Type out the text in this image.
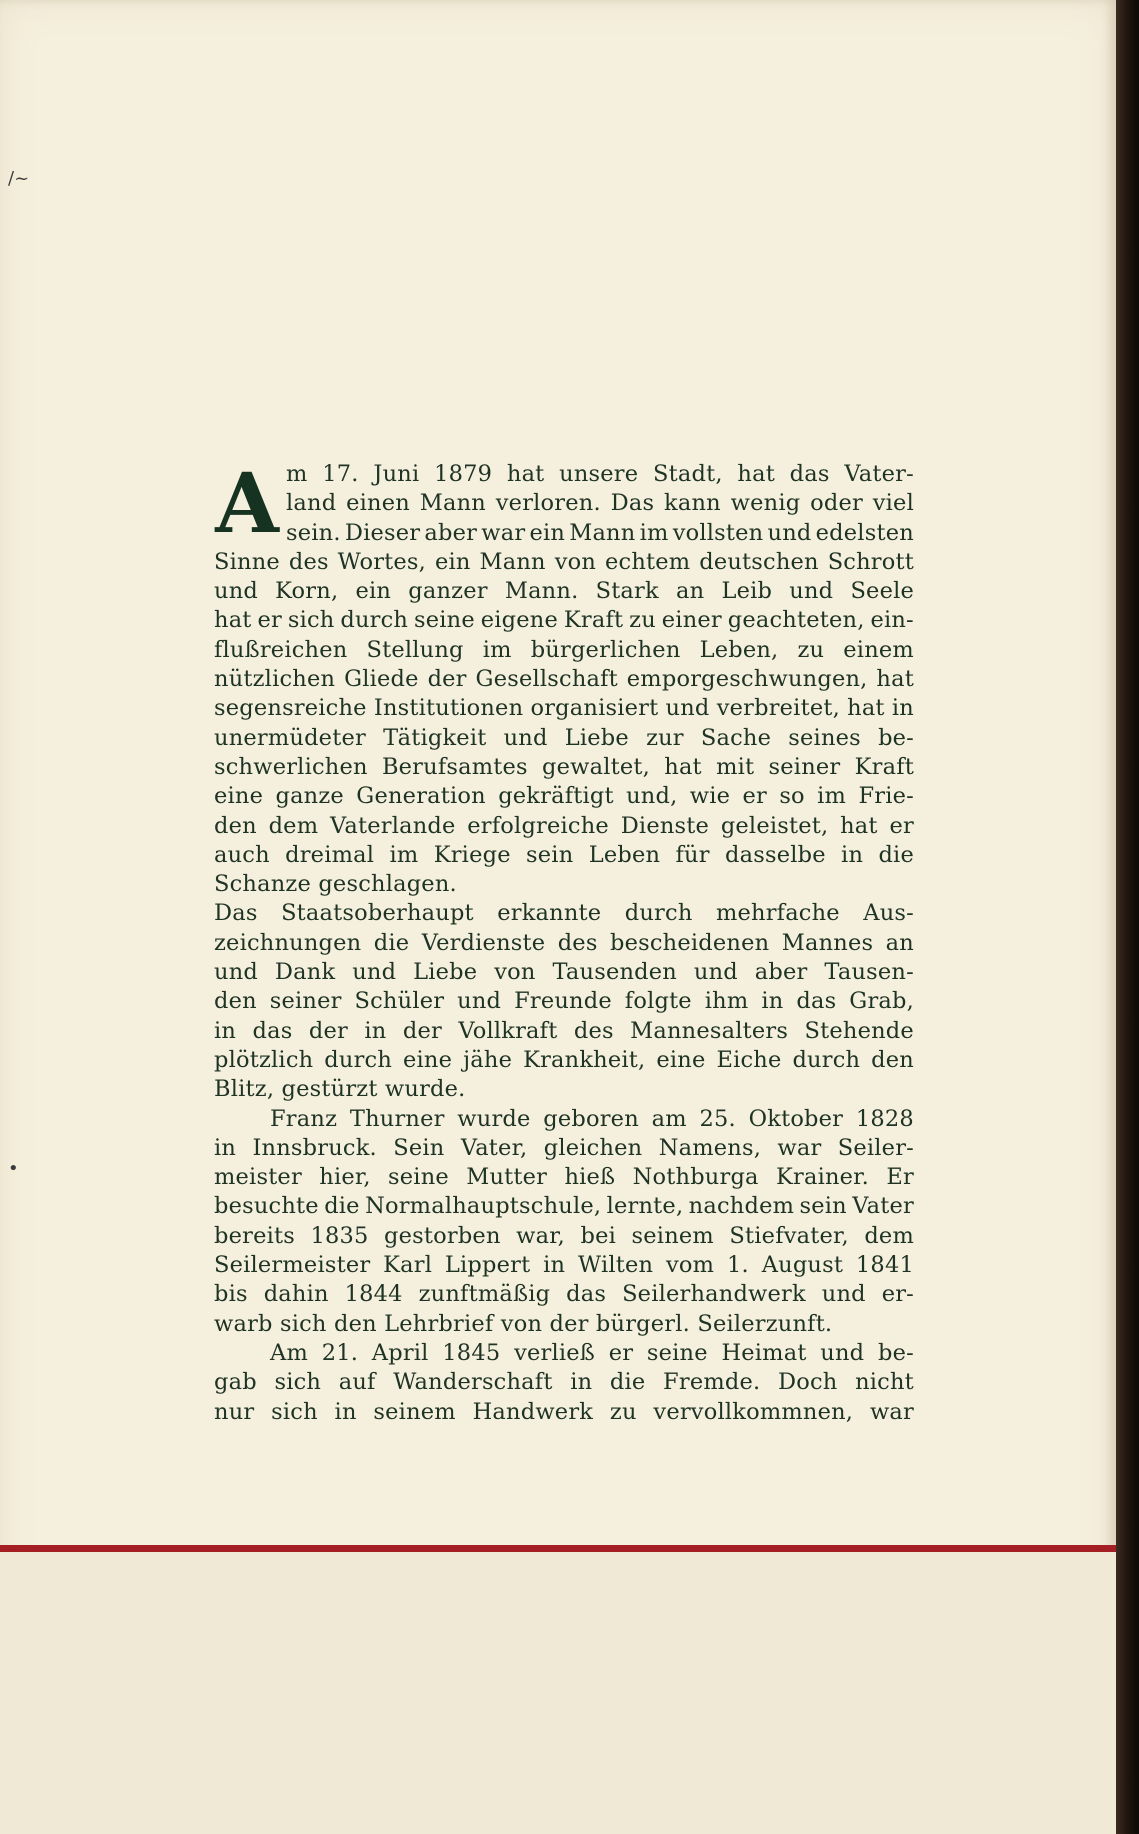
/~
•
A m 17. Juni 1879 hat unsere Stadt, hat das Vater-
land einen Mann verloren. Das kann wenig oder viel
sein. Dieser aber war ein Mann im vollsten und edelsten
Sinne des Wortes, ein Mann von echtem deutschen Schrott
und Korn, ein ganzer Mann. Stark an Leib und Seele
hat er sich durch seine eigene Kraft zu einer geachteten, ein-
flußreichen Stellung im bürgerlichen Leben, zu einem
nützlichen Gliede der Gesellschaft emporgeschwungen, hat
segensreiche Institutionen organisiert und verbreitet, hat in
unermüdeter Tätigkeit und Liebe zur Sache seines be-
schwerlichen Berufsamtes gewaltet, hat mit seiner Kraft
eine ganze Generation gekräftigt und, wie er so im Frie-
den dem Vaterlande erfolgreiche Dienste geleistet, hat er
auch dreimal im Kriege sein Leben für dasselbe in die
Schanze geschlagen.
Das Staatsoberhaupt erkannte durch mehrfache Aus-
zeichnungen die Verdienste des bescheidenen Mannes an
und Dank und Liebe von Tausenden und aber Tausen-
den seiner Schüler und Freunde folgte ihm in das Grab,
in das der in der Vollkraft des Mannesalters Stehende
plötzlich durch eine jähe Krankheit, eine Eiche durch den
Blitz, gestürzt wurde.
Franz Thurner wurde geboren am 25. Oktober 1828
in Innsbruck. Sein Vater, gleichen Namens, war Seiler-
meister hier, seine Mutter hieß Nothburga Krainer. Er
besuchte die Normalhauptschule, lernte, nachdem sein Vater
bereits 1835 gestorben war, bei seinem Stiefvater, dem
Seilermeister Karl Lippert in Wilten vom 1. August 1841
bis dahin 1844 zunftmäßig das Seilerhandwerk und er-
warb sich den Lehrbrief von der bürgerl. Seilerzunft.
Am 21. April 1845 verließ er seine Heimat und be-
gab sich auf Wanderschaft in die Fremde. Doch nicht
nur sich in seinem Handwerk zu vervollkommnen, war
